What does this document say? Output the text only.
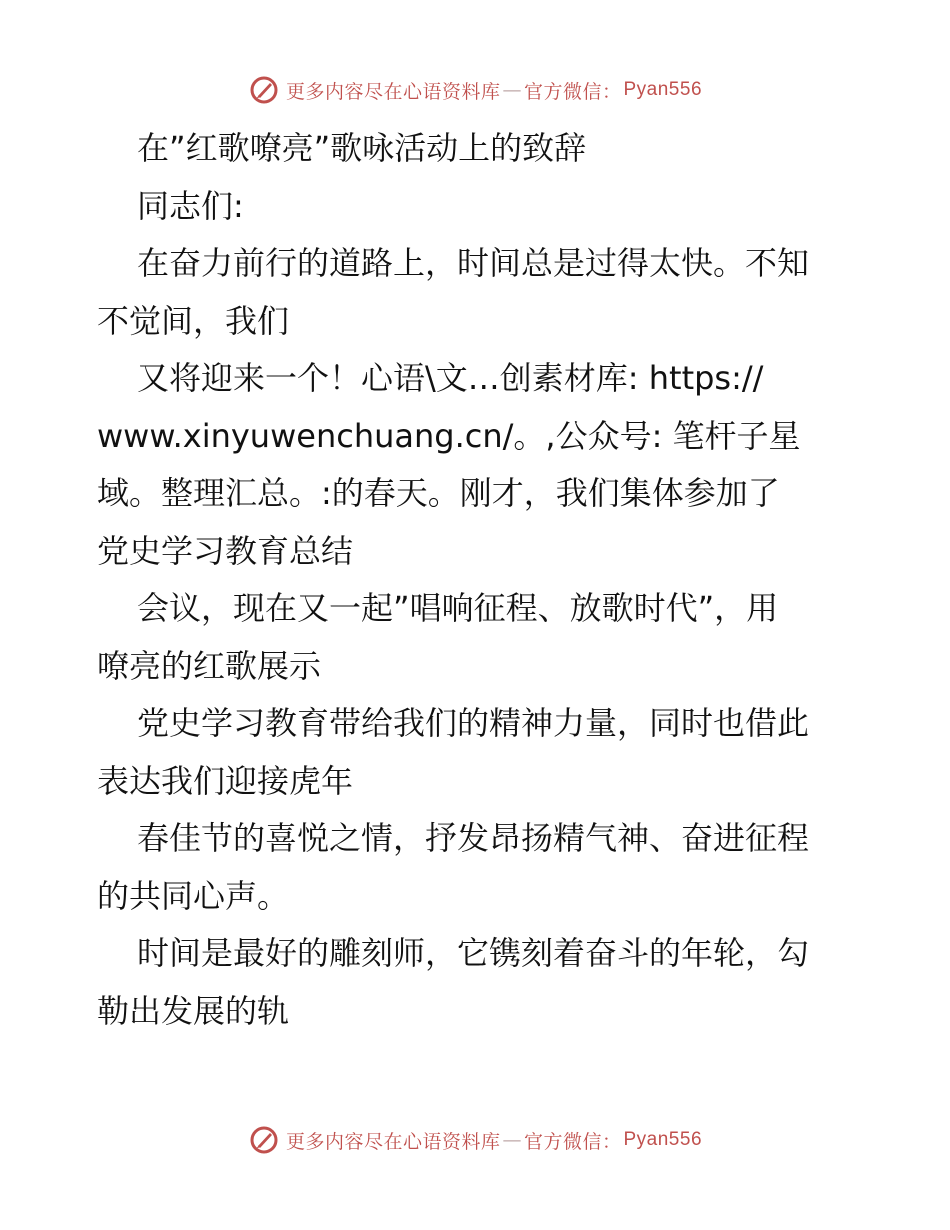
更多内容尽在心语资料库 — 官方微信： Pyan556
在”红歌嘹亮”歌咏活动上的致辞
同志们:
在奋力前行的道路上，时间总是过得太快。不知
不觉间，我们
又将迎来一个！心语\文…创素材库: https://
www.xinyuwenchuang.cn/。,公众号: 笔杆子星
域。整理汇总。:的春天。刚才，我们集体参加了
党史学习教育总结
会议，现在又一起”唱响征程、放歌时代”，用
嘹亮的红歌展示
党史学习教育带给我们的精神力量，同时也借此
表达我们迎接虎年
春佳节的喜悦之情，抒发昂扬精气神、奋进征程
的共同心声。
时间是最好的雕刻师，它镌刻着奋斗的年轮，勾
勒出发展的轨
更多内容尽在心语资料库 — 官方微信： Pyan556
